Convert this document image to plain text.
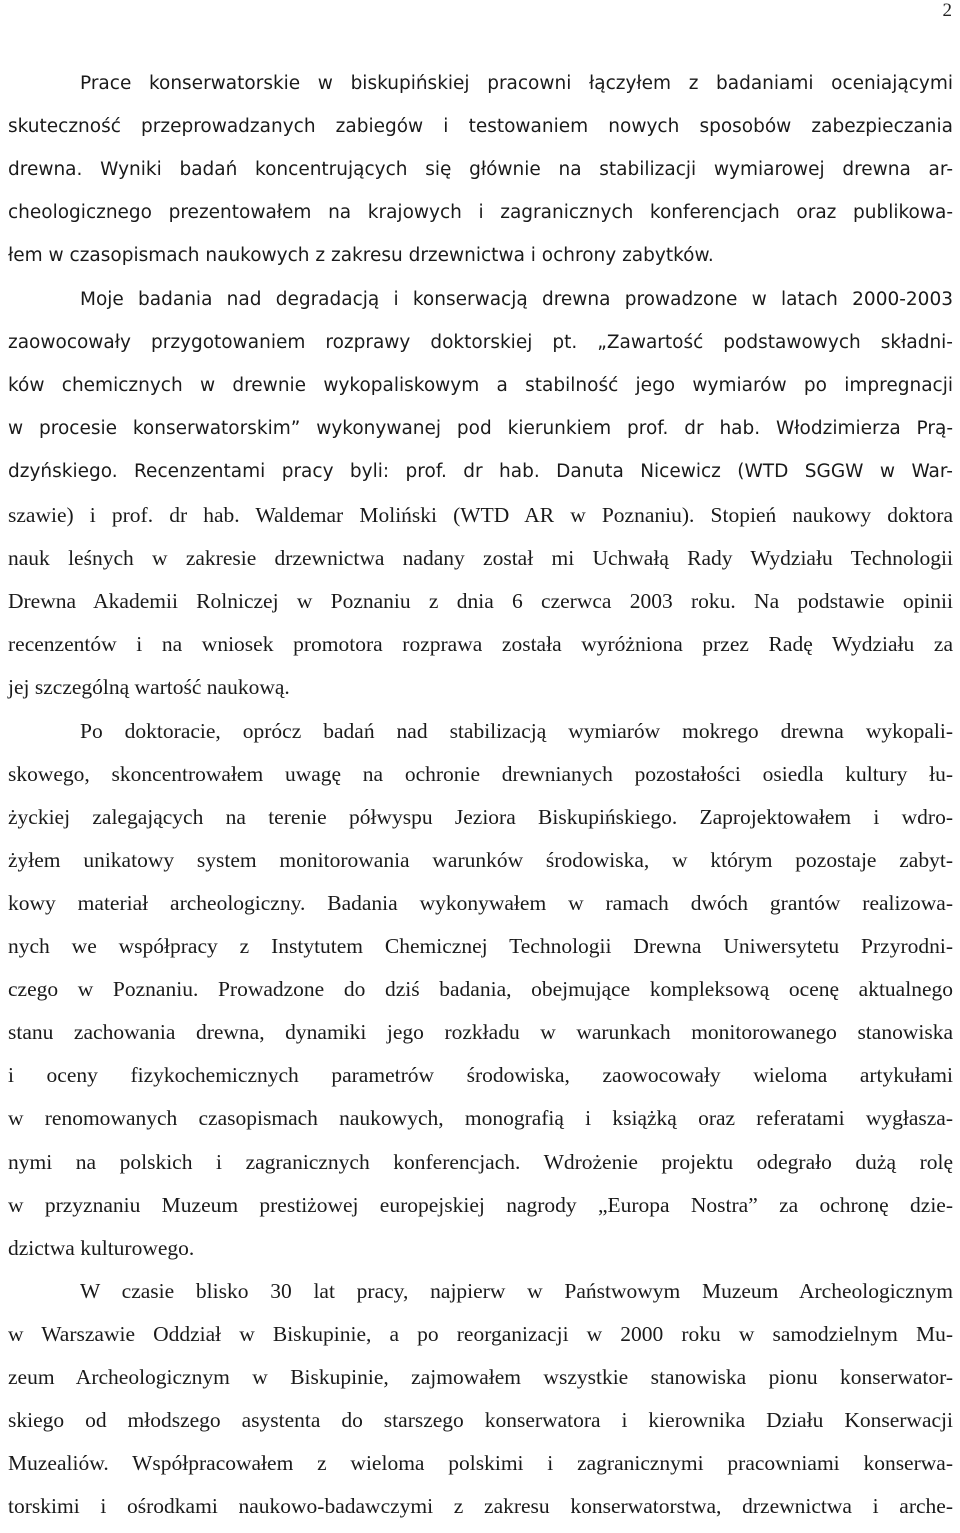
2
Prace konserwatorskie w biskupińskiej pracowni łączyłem z badaniami oceniającymi
skuteczność przeprowadzanych zabiegów i testowaniem nowych sposobów zabezpieczania
drewna. Wyniki badań koncentrujących się głównie na stabilizacji wymiarowej drewna ar-
cheologicznego prezentowałem na krajowych i zagranicznych konferencjach oraz publikowa-
łem w czasopismach naukowych z zakresu drzewnictwa i ochrony zabytków.
Moje badania nad degradacją i konserwacją drewna prowadzone w latach 2000-2003
zaowocowały przygotowaniem rozprawy doktorskiej pt. „Zawartość podstawowych składni-
ków chemicznych w drewnie wykopaliskowym a stabilność jego wymiarów po impregnacji
w procesie konserwatorskim” wykonywanej pod kierunkiem prof. dr hab. Włodzimierza Prą-
dzyńskiego. Recenzentami pracy byli: prof. dr hab. Danuta Nicewicz (WTD SGGW w War-
szawie) i prof. dr hab. Waldemar Moliński (WTD AR w Poznaniu). Stopień naukowy doktora
nauk leśnych w zakresie drzewnictwa nadany został mi Uchwałą Rady Wydziału Technologii
Drewna Akademii Rolniczej w Poznaniu z dnia 6 czerwca 2003 roku. Na podstawie opinii
recenzentów i na wniosek promotora rozprawa została wyróżniona przez Radę Wydziału za
jej szczególną wartość naukową.
Po doktoracie, oprócz badań nad stabilizacją wymiarów mokrego drewna wykopali-
skowego, skoncentrowałem uwagę na ochronie drewnianych pozostałości osiedla kultury łu-
życkiej zalegających na terenie półwyspu Jeziora Biskupińskiego. Zaprojektowałem i wdro-
żyłem unikatowy system monitorowania warunków środowiska, w którym pozostaje zabyt-
kowy materiał archeologiczny. Badania wykonywałem w ramach dwóch grantów realizowa-
nych we współpracy z Instytutem Chemicznej Technologii Drewna Uniwersytetu Przyrodni-
czego w Poznaniu. Prowadzone do dziś badania, obejmujące kompleksową ocenę aktualnego
stanu zachowania drewna, dynamiki jego rozkładu w warunkach monitorowanego stanowiska
i oceny fizykochemicznych parametrów środowiska, zaowocowały wieloma artykułami
w renomowanych czasopismach naukowych, monografią i książką oraz referatami wygłasza-
nymi na polskich i zagranicznych konferencjach. Wdrożenie projektu odegrało dużą rolę
w przyznaniu Muzeum prestiżowej europejskiej nagrody „Europa Nostra” za ochronę dzie-
dzictwa kulturowego.
W czasie blisko 30 lat pracy, najpierw w Państwowym Muzeum Archeologicznym
w Warszawie Oddział w Biskupinie, a po reorganizacji w 2000 roku w samodzielnym Mu-
zeum Archeologicznym w Biskupinie, zajmowałem wszystkie stanowiska pionu konserwator-
skiego od młodszego asystenta do starszego konserwatora i kierownika Działu Konserwacji
Muzealiów. Współpracowałem z wieloma polskimi i zagranicznymi pracowniami konserwa-
torskimi i ośrodkami naukowo-badawczymi z zakresu konserwatorstwa, drzewnictwa i arche-
